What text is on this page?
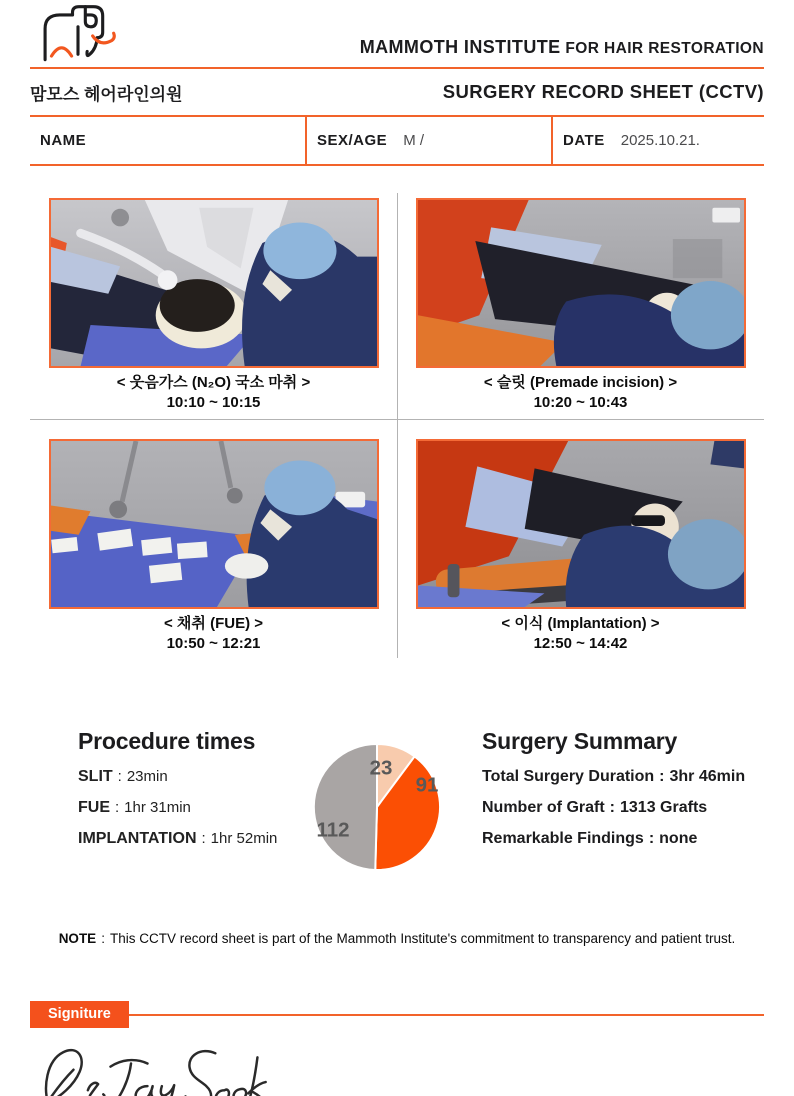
MAMMOTH INSTITUTE FOR HAIR RESTORATION
맘모스 헤어라인의원	SURGERY RECORD SHEET (CCTV)
NAME	SEX/AGE M /	DATE 2025.10.21.
< 웃음가스 (N₂O) 국소 마취 >
10:10 ~ 10:15
< 슬릿 (Premade incision) >
10:20 ~ 10:43
< 채취 (FUE) >
10:50 ~ 12:21
< 이식 (Implantation) >
12:50 ~ 14:42
Procedure times
SLIT : 23min
FUE : 1hr 31min
IMPLANTATION : 1hr 52min
23
91
112
Surgery Summary
Total Surgery Duration : 3hr 46min
Number of Graft : 1313 Grafts
Remarkable Findings : none
NOTE : This CCTV record sheet is part of the Mammoth Institute's commitment to transparency and patient trust.
Signiture
